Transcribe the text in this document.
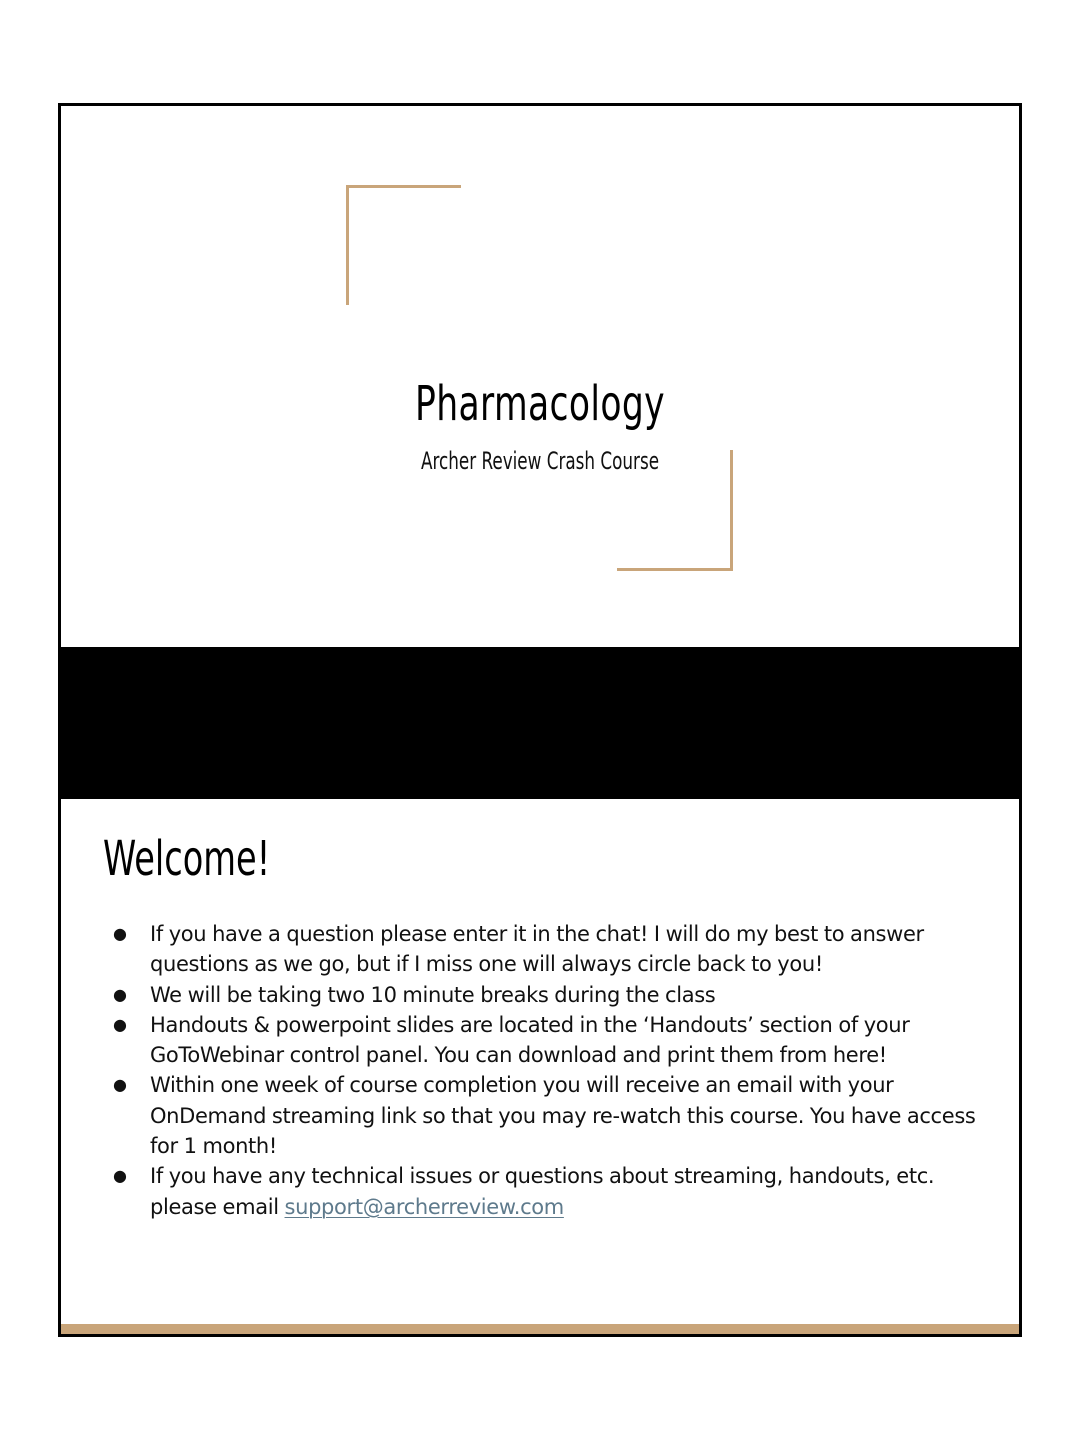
Pharmacology
Archer Review Crash Course
Welcome!
● If you have a question please enter it in the chat! I will do my best to answer questions as we go, but if I miss one will always circle back to you!
● We will be taking two 10 minute breaks during the class
● Handouts & powerpoint slides are located in the ‘Handouts’ section of your GoToWebinar control panel. You can download and print them from here!
● Within one week of course completion you will receive an email with your OnDemand streaming link so that you may re-watch this course. You have access for 1 month!
● If you have any technical issues or questions about streaming, handouts, etc. please email support@archerreview.com
